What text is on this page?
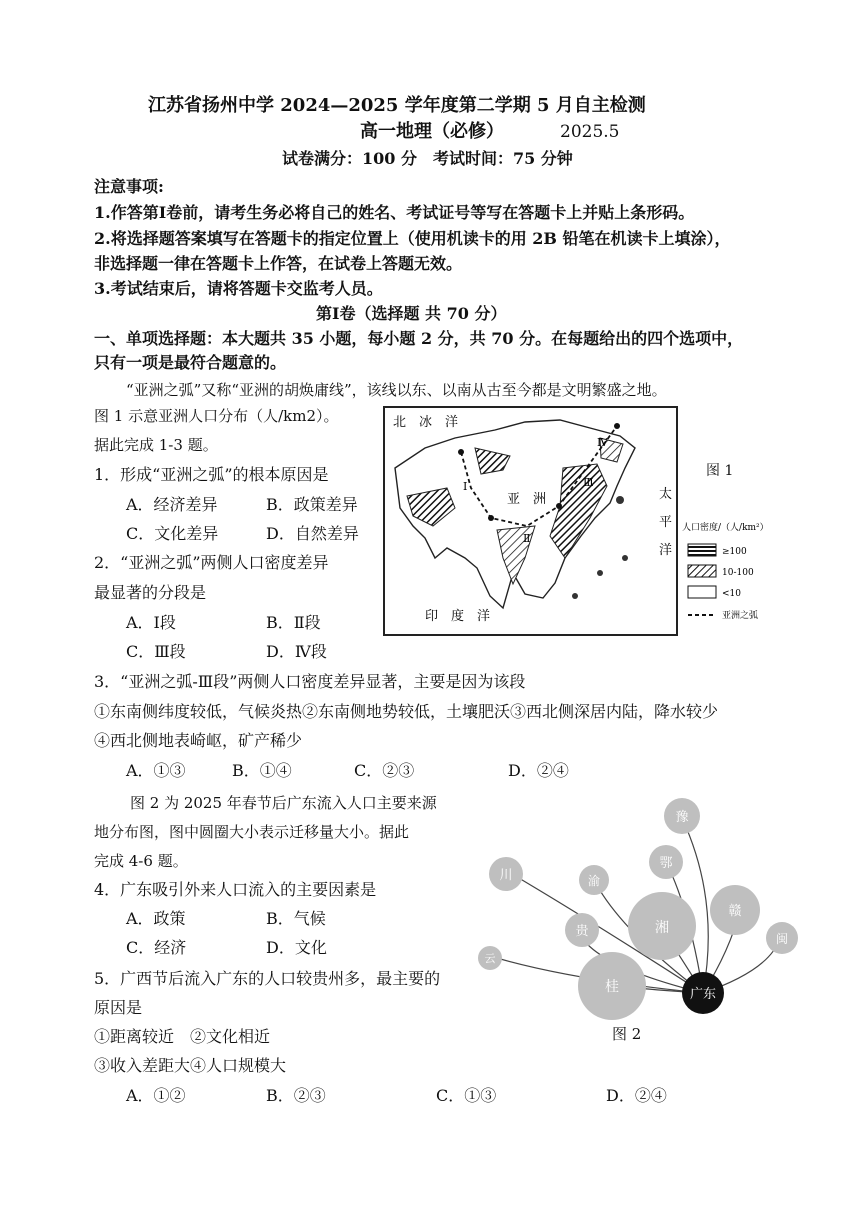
江苏省扬州中学 2024—2025 学年度第二学期 5 月自主检测
高一地理（必修）	2025.5
试卷满分：100 分　考试时间：75 分钟
注意事项:
1.作答第Ⅰ卷前，请考生务必将自己的姓名、考试证号等写在答题卡上并贴上条形码。
2.将选择题答案填写在答题卡的指定位置上（使用机读卡的用 2B 铅笔在机读卡上填涂），
非选择题一律在答题卡上作答，在试卷上答题无效。
3.考试结束后，请将答题卡交监考人员。
第Ⅰ卷（选择题 共 70 分）
一、单项选择题：本大题共 35 小题，每小题 2 分，共 70 分。在每题给出的四个选项中，
只有一项是最符合题意的。
“亚洲之弧”又称“亚洲的胡焕庸线”，该线以东、以南从古至今都是文明繁盛之地。
图 1 示意亚洲人口分布（人/km2）。
据此完成 1-3 题。
1．形成“亚洲之弧”的根本原因是
A．经济差异	B．政策差异
C．文化差异	D．自然差异
2．“亚洲之弧”两侧人口密度差异
最显著的分段是
A．Ⅰ段	B．Ⅱ段
C．Ⅲ段	D．Ⅳ段
北　冰　洋
亚　洲	太
平
洋
印　度　洋
Ⅰ
Ⅱ
Ⅲ
Ⅳ
图 1
人口密度/（人/km²）
≥100
10-100
<10
亚洲之弧
3．“亚洲之弧-Ⅲ段”两侧人口密度差异显著，主要是因为该段
①东南侧纬度较低，气候炎热②东南侧地势较低，土壤肥沃③西北侧深居内陆，降水较少
④西北侧地表崎岖，矿产稀少
A．①③	B．①④	C．②③	D．②④
图 2 为 2025 年春节后广东流入人口主要来源
地分布图，图中圆圈大小表示迁移量大小。据此
完成 4-6 题。
4．广东吸引外来人口流入的主要因素是
A．政策	B．气候
C．经济	D．文化
5．广西节后流入广东的人口较贵州多，最主要的
原因是
①距离较近　②文化相近
③收入差距大④人口规模大
A．①②	B．②③	C．①③	D．②④
豫
鄂
川	渝
湘
赣
贵	闽
云
桂	广东
图 2
